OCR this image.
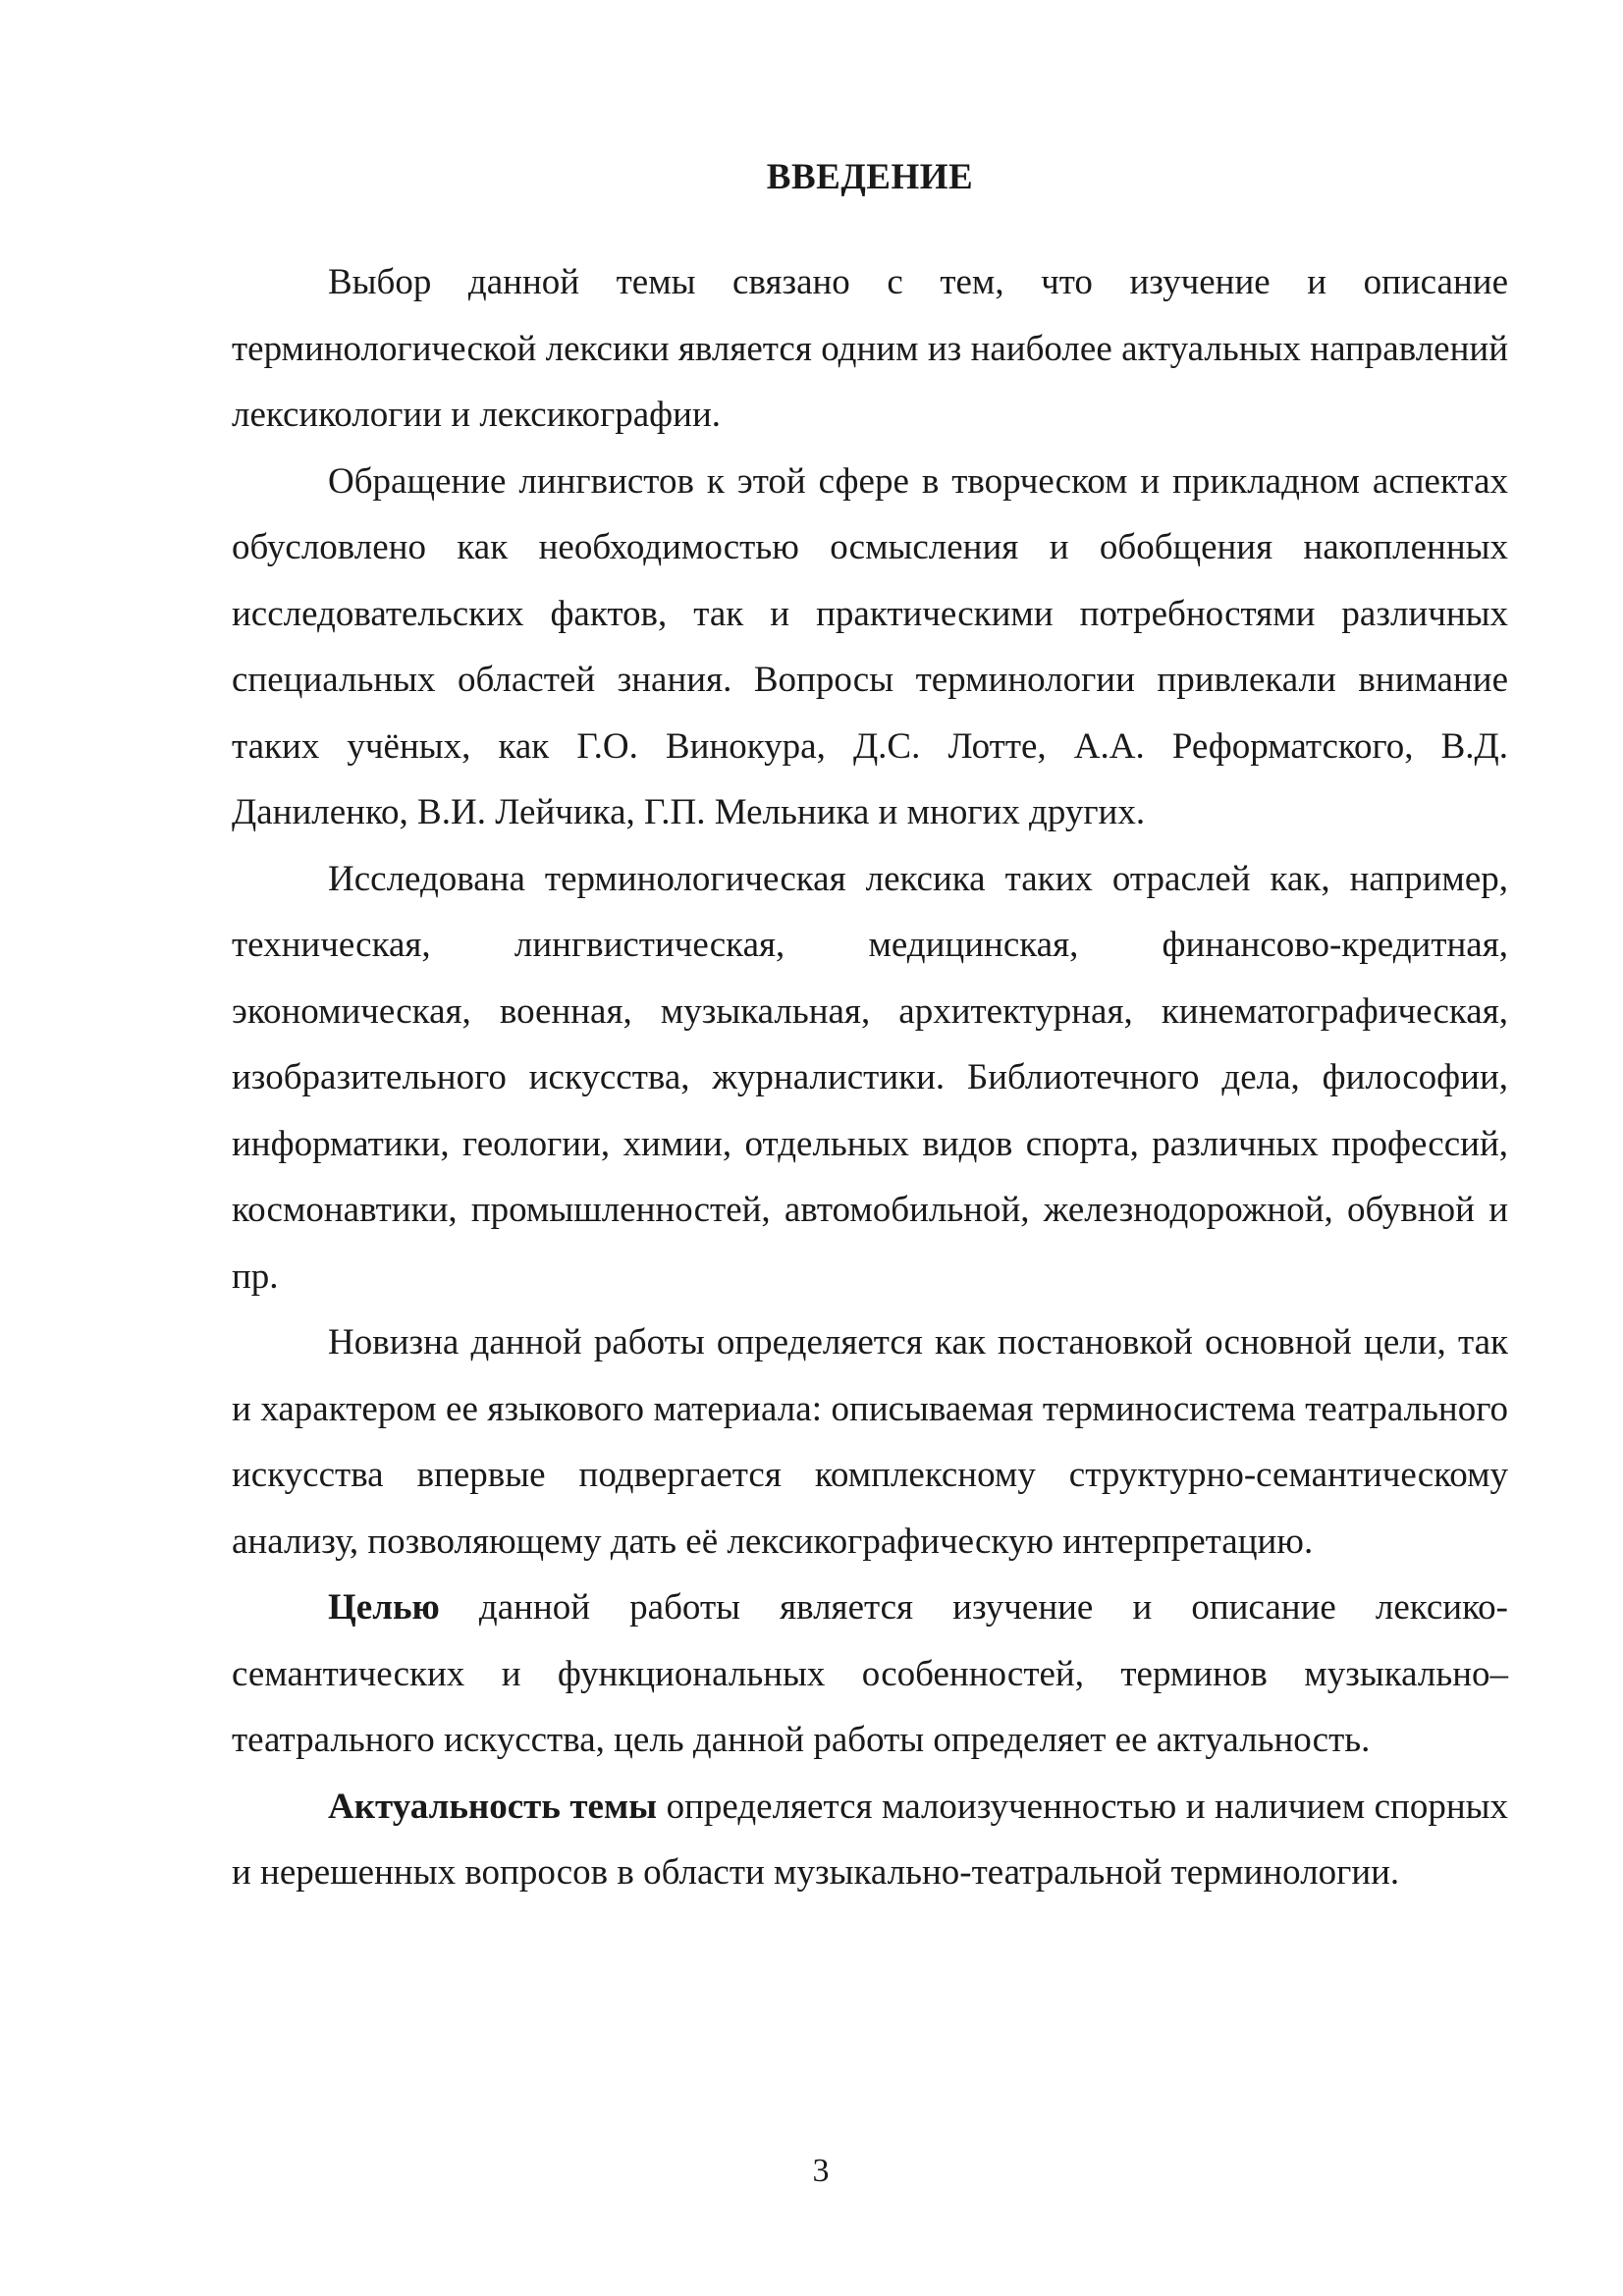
ВВЕДЕНИЕ

Выбор данной темы связано с тем, что изучение и описание терминологической лексики является одним из наиболее актуальных направлений лексикологии и лексикографии.

Обращение лингвистов к этой сфере в творческом и прикладном аспектах обусловлено как необходимостью осмысления и обобщения накопленных исследовательских фактов, так и практическими потребностями различных специальных областей знания. Вопросы терминологии привлекали внимание таких учёных, как Г.О. Винокура, Д.С. Лотте, А.А. Реформатского, В.Д. Даниленко, В.И. Лейчика, Г.П. Мельника и многих других.

Исследована терминологическая лексика таких отраслей как, например, техническая, лингвистическая, медицинская, финансово-кредитная, экономическая, военная, музыкальная, архитектурная, кинематографическая, изобразительного искусства, журналистики. Библиотечного дела, философии, информатики, геологии, химии, отдельных видов спорта, различных профессий, космонавтики, промышленностей, автомобильной, железнодорожной, обувной и пр.

Новизна данной работы определяется как постановкой основной цели, так и характером ее языкового материала: описываемая терминосистема театрального искусства впервые подвергается комплексному структурно-семантическому анализу, позволяющему дать её лексикографическую интерпретацию.

Целью данной работы является изучение и описание лексико-семантических и функциональных особенностей, терминов музыкально–театрального искусства, цель данной работы определяет ее актуальность.

Актуальность темы определяется малоизученностью и наличием спорных и нерешенных вопросов в области музыкально-театральной терминологии.

3
